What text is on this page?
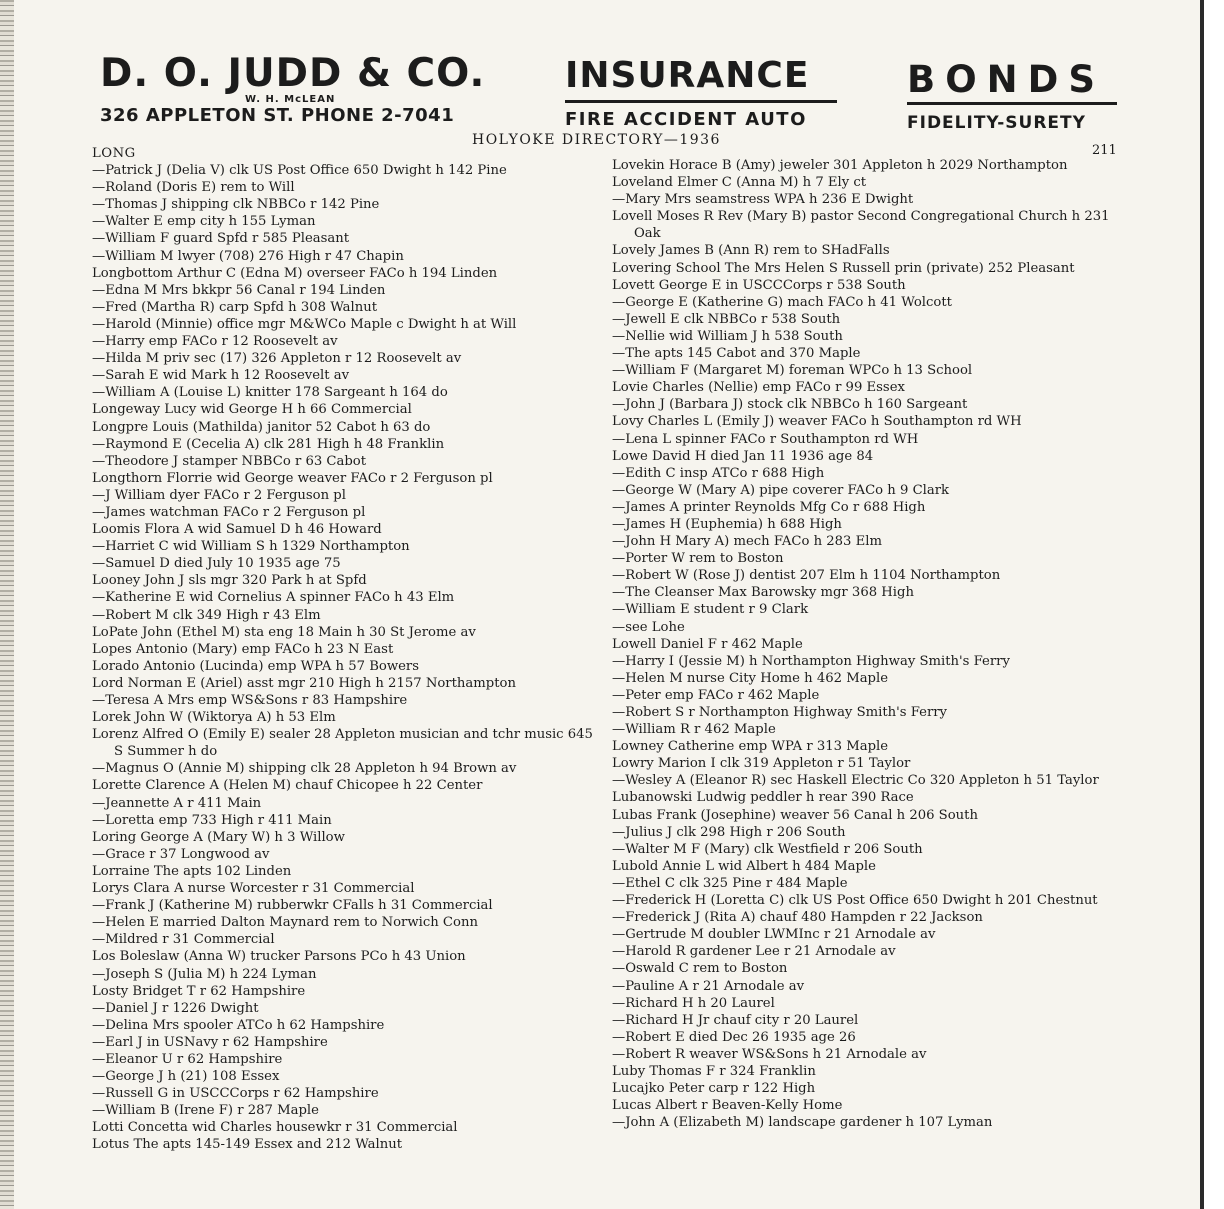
D. O. JUDD & CO.
W. H. McLEAN
326 APPLETON ST. PHONE 2-7041
INSURANCE
FIRE ACCIDENT AUTO
BONDS
FIDELITY-SURETY
HOLYOKE DIRECTORY—1936
211
LONG
—Patrick J (Delia V) clk US Post Office 650 Dwight h 142 Pine
—Roland (Doris E) rem to Will
—Thomas J shipping clk NBBCo r 142 Pine
—Walter E emp city h 155 Lyman
—William F guard Spfd r 585 Pleasant
—William M lwyer (708) 276 High r 47 Chapin
Longbottom Arthur C (Edna M) overseer FACo h 194 Linden
—Edna M Mrs bkkpr 56 Canal r 194 Linden
—Fred (Martha R) carp Spfd h 308 Walnut
—Harold (Minnie) office mgr M&WCo Maple c Dwight h at Will
—Harry emp FACo r 12 Roosevelt av
—Hilda M priv sec (17) 326 Appleton r 12 Roosevelt av
—Sarah E wid Mark h 12 Roosevelt av
—William A (Louise L) knitter 178 Sargeant h 164 do
Longeway Lucy wid George H h 66 Commercial
Longpre Louis (Mathilda) janitor 52 Cabot h 63 do
—Raymond E (Cecelia A) clk 281 High h 48 Franklin
—Theodore J stamper NBBCo r 63 Cabot
Longthorn Florrie wid George weaver FACo r 2 Ferguson pl
—J William dyer FACo r 2 Ferguson pl
—James watchman FACo r 2 Ferguson pl
Loomis Flora A wid Samuel D h 46 Howard
—Harriet C wid William S h 1329 Northampton
—Samuel D died July 10 1935 age 75
Looney John J sls mgr 320 Park h at Spfd
—Katherine E wid Cornelius A spinner FACo h 43 Elm
—Robert M clk 349 High r 43 Elm
LoPate John (Ethel M) sta eng 18 Main h 30 St Jerome av
Lopes Antonio (Mary) emp FACo h 23 N East
Lorado Antonio (Lucinda) emp WPA h 57 Bowers
Lord Norman E (Ariel) asst mgr 210 High h 2157 Northampton
—Teresa A Mrs emp WS&Sons r 83 Hampshire
Lorek John W (Wiktorya A) h 53 Elm
Lorenz Alfred O (Emily E) sealer 28 Appleton musician and tchr music 645 S Summer h do
—Magnus O (Annie M) shipping clk 28 Appleton h 94 Brown av
Lorette Clarence A (Helen M) chauf Chicopee h 22 Center
—Jeannette A r 411 Main
—Loretta emp 733 High r 411 Main
Loring George A (Mary W) h 3 Willow
—Grace r 37 Longwood av
Lorraine The apts 102 Linden
Lorys Clara A nurse Worcester r 31 Commercial
—Frank J (Katherine M) rubberwkr CFalls h 31 Commercial
—Helen E married Dalton Maynard rem to Norwich Conn
—Mildred r 31 Commercial
Los Boleslaw (Anna W) trucker Parsons PCo h 43 Union
—Joseph S (Julia M) h 224 Lyman
Losty Bridget T r 62 Hampshire
—Daniel J r 1226 Dwight
—Delina Mrs spooler ATCo h 62 Hampshire
—Earl J in USNavy r 62 Hampshire
—Eleanor U r 62 Hampshire
—George J h (21) 108 Essex
—Russell G in USCCCorps r 62 Hampshire
—William B (Irene F) r 287 Maple
Lotti Concetta wid Charles housewkr r 31 Commercial
Lotus The apts 145-149 Essex and 212 Walnut
Lovekin Horace B (Amy) jeweler 301 Appleton h 2029 Northampton
Loveland Elmer C (Anna M) h 7 Ely ct
—Mary Mrs seamstress WPA h 236 E Dwight
Lovell Moses R Rev (Mary B) pastor Second Congregational Church h 231 Oak
Lovely James B (Ann R) rem to SHadFalls
Lovering School The Mrs Helen S Russell prin (private) 252 Pleasant
Lovett George E in USCCCorps r 538 South
—George E (Katherine G) mach FACo h 41 Wolcott
—Jewell E clk NBBCo r 538 South
—Nellie wid William J h 538 South
—The apts 145 Cabot and 370 Maple
—William F (Margaret M) foreman WPCo h 13 School
Lovie Charles (Nellie) emp FACo r 99 Essex
—John J (Barbara J) stock clk NBBCo h 160 Sargeant
Lovy Charles L (Emily J) weaver FACo h Southampton rd WH
—Lena L spinner FACo r Southampton rd WH
Lowe David H died Jan 11 1936 age 84
—Edith C insp ATCo r 688 High
—George W (Mary A) pipe coverer FACo h 9 Clark
—James A printer Reynolds Mfg Co r 688 High
—James H (Euphemia) h 688 High
—John H Mary A) mech FACo h 283 Elm
—Porter W rem to Boston
—Robert W (Rose J) dentist 207 Elm h 1104 Northampton
—The Cleanser Max Barowsky mgr 368 High
—William E student r 9 Clark
—see Lohe
Lowell Daniel F r 462 Maple
—Harry I (Jessie M) h Northampton Highway Smith's Ferry
—Helen M nurse City Home h 462 Maple
—Peter emp FACo r 462 Maple
—Robert S r Northampton Highway Smith's Ferry
—William R r 462 Maple
Lowney Catherine emp WPA r 313 Maple
Lowry Marion I clk 319 Appleton r 51 Taylor
—Wesley A (Eleanor R) sec Haskell Electric Co 320 Appleton h 51 Taylor
Lubanowski Ludwig peddler h rear 390 Race
Lubas Frank (Josephine) weaver 56 Canal h 206 South
—Julius J clk 298 High r 206 South
—Walter M F (Mary) clk Westfield r 206 South
Lubold Annie L wid Albert h 484 Maple
—Ethel C clk 325 Pine r 484 Maple
—Frederick H (Loretta C) clk US Post Office 650 Dwight h 201 Chestnut
—Frederick J (Rita A) chauf 480 Hampden r 22 Jackson
—Gertrude M doubler LWMInc r 21 Arnodale av
—Harold R gardener Lee r 21 Arnodale av
—Oswald C rem to Boston
—Pauline A r 21 Arnodale av
—Richard H h 20 Laurel
—Richard H Jr chauf city r 20 Laurel
—Robert E died Dec 26 1935 age 26
—Robert R weaver WS&Sons h 21 Arnodale av
Luby Thomas F r 324 Franklin
Lucajko Peter carp r 122 High
Lucas Albert r Beaven-Kelly Home
—John A (Elizabeth M) landscape gardener h 107 Lyman
